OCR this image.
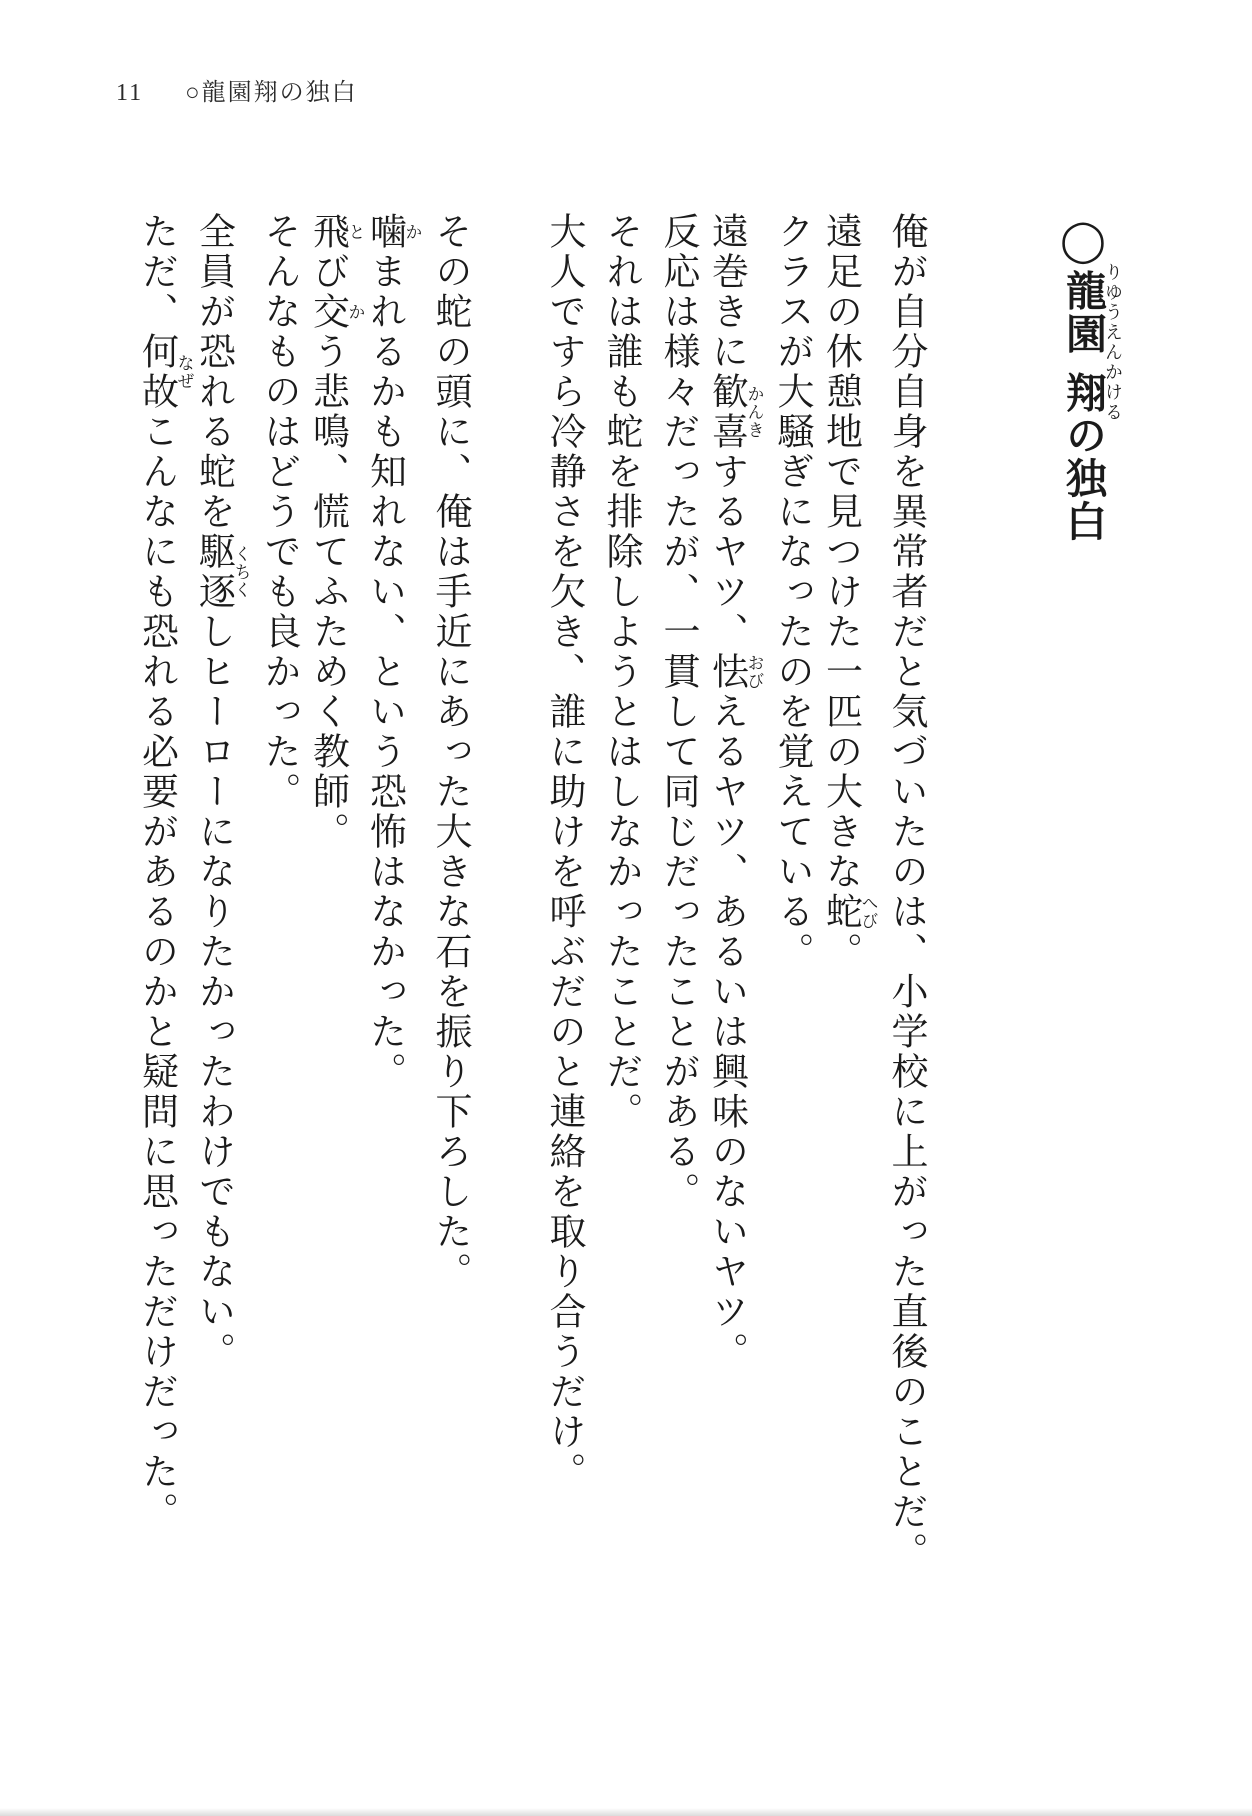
11 ○龍園翔の独白
◯龍園りゆうえん翔かけるの独白
俺が自分自身を異常者だと気づいたのは、小学校に上がった直後のことだ。
遠足の休憩地で見つけた一匹の大きな蛇へび。
クラスが大騒ぎになったのを覚えている。
遠巻きに歓喜かんきするヤツ、怯おびえるヤツ、あるいは興味のないヤツ。
反応は様々だったが、一貫して同じだったことがある。
それは誰も蛇を排除しようとはしなかったことだ。
大人ですら冷静さを欠き、誰に助けを呼ぶだのと連絡を取り合うだけ。
その蛇の頭に、俺は手近にあった大きな石を振り下ろした。
噛かまれるかも知れない、という恐怖はなかった。
飛とび交かう悲鳴、慌てふためく教師。
そんなものはどうでも良かった。
全員が恐れる蛇を駆逐くちくしヒーローになりたかったわけでもない。
ただ、何故なぜこんなにも恐れる必要があるのかと疑問に思っただけだった。
